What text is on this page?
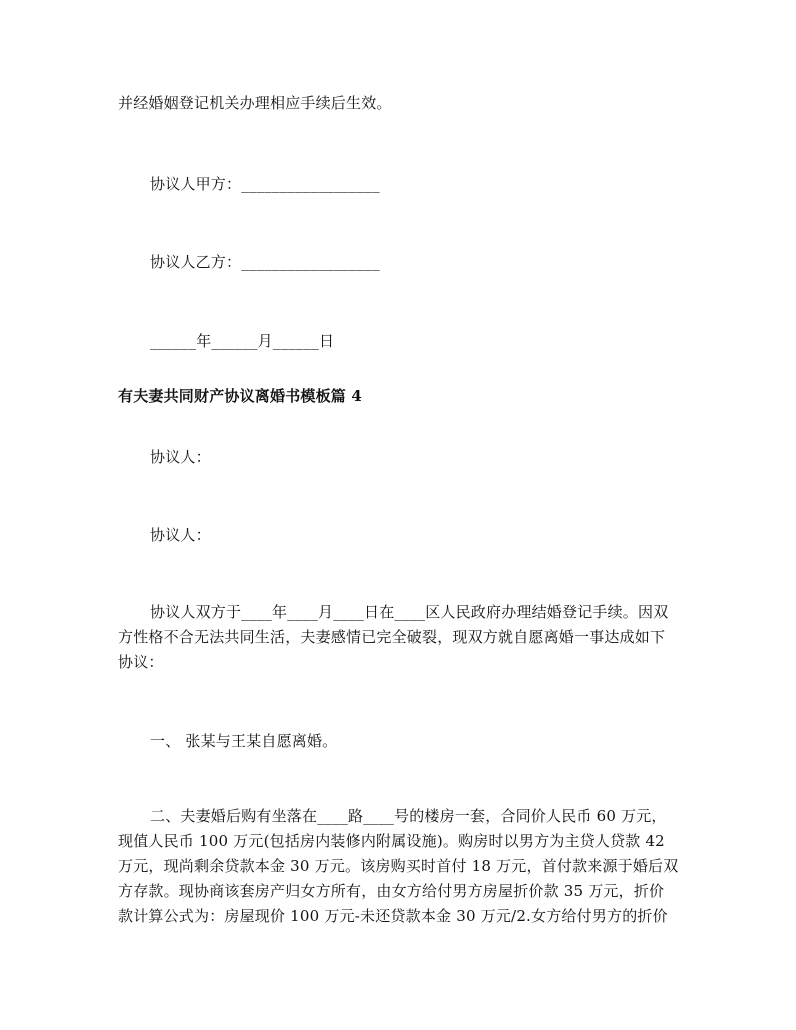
并经婚姻登记机关办理相应手续后生效。
协议人甲方：__________________
协议人乙方：__________________
______年______月______日
有夫妻共同财产协议离婚书模板篇 4
协议人：
协议人：
协议人双方于____年____月____日在____区人民政府办理结婚登记手续。因双
方性格不合无法共同生活，夫妻感情已完全破裂，现双方就自愿离婚一事达成如下
协议：
一、 张某与王某自愿离婚。
二、夫妻婚后购有坐落在____路____号的楼房一套，合同价人民币 60 万元，
现值人民币 100 万元(包括房内装修内附属设施)。购房时以男方为主贷人贷款 42
万元，现尚剩余贷款本金 30 万元。该房购买时首付 18 万元，首付款来源于婚后双
方存款。现协商该套房产归女方所有，由女方给付男方房屋折价款 35 万元，折价
款计算公式为：房屋现价 100 万元-未还贷款本金 30 万元/2.女方给付男方的折价
